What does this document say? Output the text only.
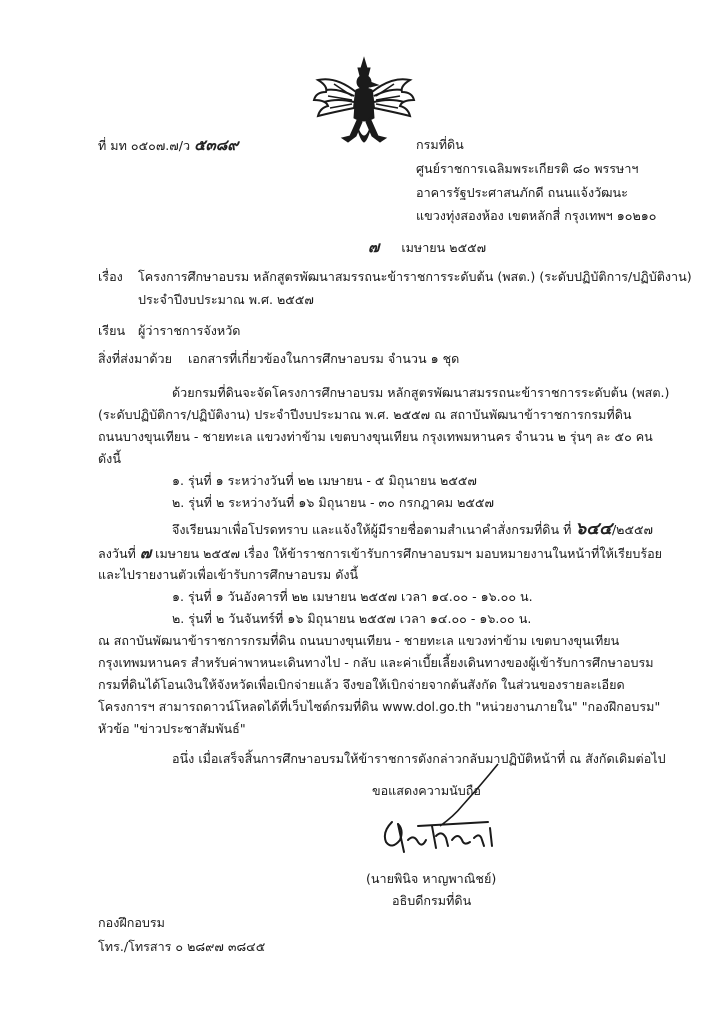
ที่ มท ๐๕๐๗.๗/ว ๕๓๘๙	กรมที่ดิน
ศูนย์ราชการเฉลิมพระเกียรติ ๘๐ พรรษาฯ
อาคารรัฐประศาสนภักดี ถนนแจ้งวัฒนะ
แขวงทุ่งสองห้อง เขตหลักสี่ กรุงเทพฯ ๑๐๒๑๐
๗ เมษายน ๒๕๕๗
เรื่อง โครงการศึกษาอบรม หลักสูตรพัฒนาสมรรถนะข้าราชการระดับต้น (พสต.) (ระดับปฏิบัติการ/ปฏิบัติงาน)
ประจำปีงบประมาณ พ.ศ. ๒๕๕๗
เรียน ผู้ว่าราชการจังหวัด
สิ่งที่ส่งมาด้วย เอกสารที่เกี่ยวข้องในการศึกษาอบรม จำนวน ๑ ชุด
ด้วยกรมที่ดินจะจัดโครงการศึกษาอบรม หลักสูตรพัฒนาสมรรถนะข้าราชการระดับต้น (พสต.)
(ระดับปฏิบัติการ/ปฏิบัติงาน) ประจำปีงบประมาณ พ.ศ. ๒๕๕๗ ณ สถาบันพัฒนาข้าราชการกรมที่ดิน
ถนนบางขุนเทียน - ชายทะเล แขวงท่าข้าม เขตบางขุนเทียน กรุงเทพมหานคร จำนวน ๒ รุ่นๆ ละ ๕๐ คน
ดังนี้
๑. รุ่นที่ ๑ ระหว่างวันที่ ๒๒ เมษายน - ๕ มิถุนายน ๒๕๕๗
๒. รุ่นที่ ๒ ระหว่างวันที่ ๑๖ มิถุนายน - ๓๐ กรกฎาคม ๒๕๕๗
จึงเรียนมาเพื่อโปรดทราบ และแจ้งให้ผู้มีรายชื่อตามสำเนาคำสั่งกรมที่ดิน ที่ ๖๔๔/๒๕๕๗
ลงวันที่ ๗ เมษายน ๒๕๕๗ เรื่อง ให้ข้าราชการเข้ารับการศึกษาอบรมฯ มอบหมายงานในหน้าที่ให้เรียบร้อย
และไปรายงานตัวเพื่อเข้ารับการศึกษาอบรม ดังนี้
๑. รุ่นที่ ๑ วันอังคารที่ ๒๒ เมษายน ๒๕๕๗ เวลา ๑๔.๐๐ - ๑๖.๐๐ น.
๒. รุ่นที่ ๒ วันจันทร์ที่ ๑๖ มิถุนายน ๒๕๕๗ เวลา ๑๔.๐๐ - ๑๖.๐๐ น.
ณ สถาบันพัฒนาข้าราชการกรมที่ดิน ถนนบางขุนเทียน - ชายทะเล แขวงท่าข้าม เขตบางขุนเทียน
กรุงเทพมหานคร สำหรับค่าพาหนะเดินทางไป - กลับ และค่าเบี้ยเลี้ยงเดินทางของผู้เข้ารับการศึกษาอบรม
กรมที่ดินได้โอนเงินให้จังหวัดเพื่อเบิกจ่ายแล้ว จึงขอให้เบิกจ่ายจากต้นสังกัด ในส่วนของรายละเอียด
โครงการฯ สามารถดาวน์โหลดได้ที่เว็บไซต์กรมที่ดิน www.dol.go.th "หน่วยงานภายใน" "กองฝึกอบรม"
หัวข้อ "ข่าวประชาสัมพันธ์"
อนึ่ง เมื่อเสร็จสิ้นการศึกษาอบรมให้ข้าราชการดังกล่าวกลับมาปฏิบัติหน้าที่ ณ สังกัดเดิมต่อไป
ขอแสดงความนับถือ
(นายพินิจ หาญพาณิชย์)
อธิบดีกรมที่ดิน
กองฝึกอบรม
โทร./โทรสาร ๐ ๒๘๙๗ ๓๘๔๕
